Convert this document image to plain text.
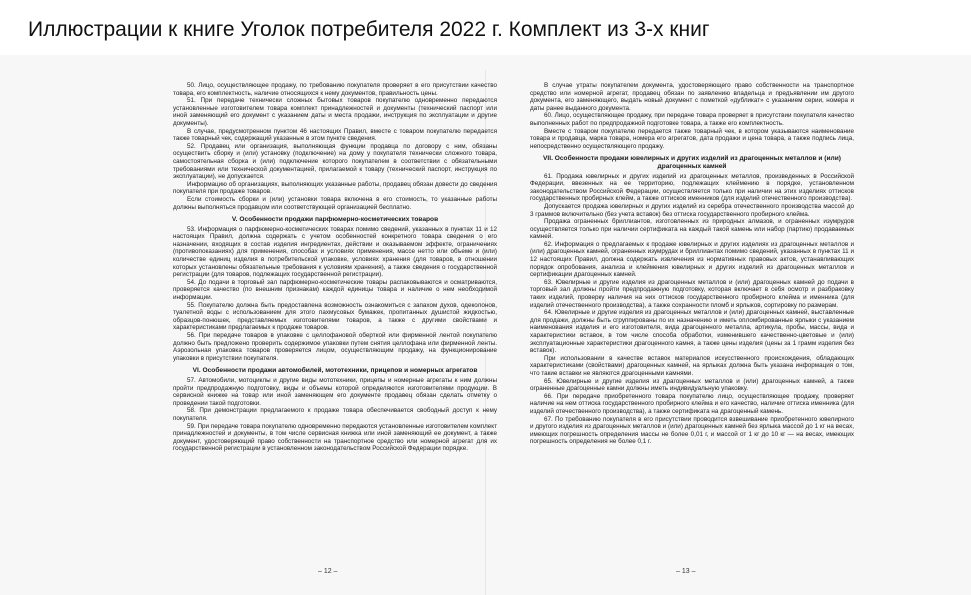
Иллюстрации к книге Уголок потребителя 2022 г. Комплект из 3-х книг

50. Лицо, осуществляющее продажу, по требованию покупателя проверяет в его присутствии качество товара, его комплектность, наличие относящихся к нему документов, правильность цены.

51. При передаче технически сложных бытовых товаров покупателю одновременно передаются установленные изготовителем товара комплект принадлежностей и документы (технический паспорт или иной заменяющий его документ с указанием даты и места продажи, инструкция по эксплуатации и другие документы).

В случае, предусмотренном пунктом 46 настоящих Правил, вместе с товаром покупателю передается также товарный чек, содержащий указанные в этом пункте сведения.

52. Продавец или организация, выполняющая функции продавца по договору с ним, обязаны осуществить сборку и (или) установку (подключение) на дому у покупателя технически сложного товара, самостоятельная сборка и (или) подключение которого покупателем в соответствии с обязательными требованиями или технической документацией, прилагаемой к товару (технический паспорт, инструкция по эксплуатации), не допускается.

Информацию об организациях, выполняющих указанные работы, продавец обязан довести до сведения покупателя при продаже товаров.

Если стоимость сборки и (или) установки товара включена в его стоимость, то указанные работы должны выполняться продавцом или соответствующей организацией бесплатно.

V. Особенности продажи парфюмерно-косметических товаров

53. Информация о парфюмерно-косметических товарах помимо сведений, указанных в пунктах 11 и 12 настоящих Правил, должна содержать с учетом особенностей конкретного товара сведения о его назначении, входящих в состав изделия ингредиентах, действии и оказываемом эффекте, ограничениях (противопоказаниях) для применения, способах и условиях применения, массе нетто или объеме и (или) количестве единиц изделия в потребительской упаковке, условиях хранения (для товаров, в отношении которых установлены обязательные требования к условиям хранения), а также сведения о государственной регистрации (для товаров, подлежащих государственной регистрации).

54. До подачи в торговый зал парфюмерно-косметические товары распаковываются и осматриваются, проверяется качество (по внешним признакам) каждой единицы товара и наличие о нем необходимой информации.

55. Покупателю должна быть предоставлена возможность ознакомиться с запахом духов, одеколонов, туалетной воды с использованием для этого пахмусовых бумажек, пропитанных душистой жидкостью, образцов-понюшек, представляемых изготовителями товаров, а также с другими свойствами и характеристиками предлагаемых к продаже товаров.

56. При передаче товаров в упаковке с целлофановой оберткой или фирменной лентой покупателю должно быть предложено проверить содержимое упаковки путем снятия целлофана или фирменной ленты. Аэрозольная упаковка товаров проверяется лицом, осуществляющим продажу, на функционирование упаковки в присутствии покупателя.

VI. Особенности продажи автомобилей, мототехники, прицепов и номерных агрегатов

57. Автомобили, мотоциклы и другие виды мототехники, прицепы и номерные агрегаты к ним должны пройти предпродажную подготовку, виды и объемы которой определяются изготовителями продукции. В сервисной книжке на товар или иной заменяющем его документе продавец обязан сделать отметку о проведении такой подготовки.

58. При демонстрации предлагаемого к продаже товара обеспечивается свободный доступ к нему покупателя.

59. При передаче товара покупателю одновременно передаются установленные изготовителем комплект принадлежностей и документы, в том числе сервисная книжка или иной заменяющий ее документ, а также документ, удостоверяющий право собственности на транспортное средство или номерной агрегат для их государственной регистрации в установленном законодательством Российской Федерации порядке.

В случае утраты покупателем документа, удостоверяющего право собственности на транспортное средство или номерной агрегат, продавец обязан по заявлению владельца и предъявлении им другого документа, его заменяющего, выдать новый документ с пометкой «дубликат» с указанием серии, номера и даты ранее выданного документа.

60. Лицо, осуществляющее продажу, при передаче товара проверяет в присутствии покупателя качество выполненных работ по предпродажной подготовке товара, а также его комплектность.

Вместе с товаром покупателю передается также товарный чек, в котором указываются наименование товара и продавца, марка товара, номера его агрегатов, дата продажи и цена товара, а также подпись лица, непосредственно осуществляющего продажу.

VII. Особенности продажи ювелирных и других изделий из драгоценных металлов и (или) драгоценных камней

61. Продажа ювелирных и других изделий из драгоценных металлов, произведенных в Российской Федерации, ввезенных на ее территорию, подлежащих клеймению в порядке, установленном законодательством Российской Федерации, осуществляется только при наличии на этих изделиях оттисков государственных пробирных клейм, а также оттисков именников (для изделий отечественного производства).

Допускается продажа ювелирных и других изделий из серебра отечественного производства массой до 3 граммов включительно (без учета вставок) без оттиска государственного пробирного клейма.

Продажа ограненных бриллиантов, изготовленных из природных алмазов, и ограненных изумрудов осуществляется только при наличии сертификата на каждый такой камень или набор (партию) продаваемых камней.

62. Информация о предлагаемых к продаже ювелирных и других изделиях из драгоценных металлов и (или) драгоценных камней, ограненных изумрудах и бриллиантах помимо сведений, указанных в пунктах 11 и 12 настоящих Правил, должна содержать извлечения из нормативных правовых актов, устанавливающих порядок опробования, анализа и клеймения ювелирных и других изделий из драгоценных металлов и сертификации драгоценных камней.

63. Ювелирные и другие изделия из драгоценных металлов и (или) драгоценных камней до подачи в торговый зал должны пройти предпродажную подготовку, которая включает в себя осмотр и разбраковку таких изделий, проверку наличия на них оттисков государственного пробирного клейма и именника (для изделий отечественного производства), а также сохранности пломб и ярлыков, сортировку по размерам.

64. Ювелирные и другие изделия из драгоценных металлов и (или) драгоценных камней, выставленные для продажи, должны быть сгруппированы по их назначению и иметь опломбированные ярлыки с указанием наименования изделия и его изготовителя, вида драгоценного металла, артикула, пробы, массы, вида и характеристики вставок, в том числе способа обработки, изменившего качественно-цветовые и (или) эксплуатационные характеристики драгоценного камня, а также цены изделия (цены за 1 грамм изделия без вставок).

При использовании в качестве вставок материалов искусственного происхождения, обладающих характеристиками (свойствами) драгоценных камней, на ярлыках должна быть указана информация о том, что такие вставки не являются драгоценными камнями.

65. Ювелирные и другие изделия из драгоценных металлов и (или) драгоценных камней, а также ограненные драгоценные камни должны иметь индивидуальную упаковку.

66. При передаче приобретенного товара покупателю лицо, осуществляющее продажу, проверяет наличие на нем оттиска государственного пробирного клейма и его качество, наличие оттиска именника (для изделий отечественного производства), а также сертификата на драгоценный камень.

67. По требованию покупателя в его присутствии проводится взвешивание приобретенного ювелирного и другого изделия из драгоценных металлов и (или) драгоценных камней без ярлыка массой до 1 кг на весах, имеющих погрешность определения массы не более 0,01 г, и массой от 1 кг до 10 кг — на весах, имеющих погрешность определения не более 0,1 г.

– 12 –	– 13 –
